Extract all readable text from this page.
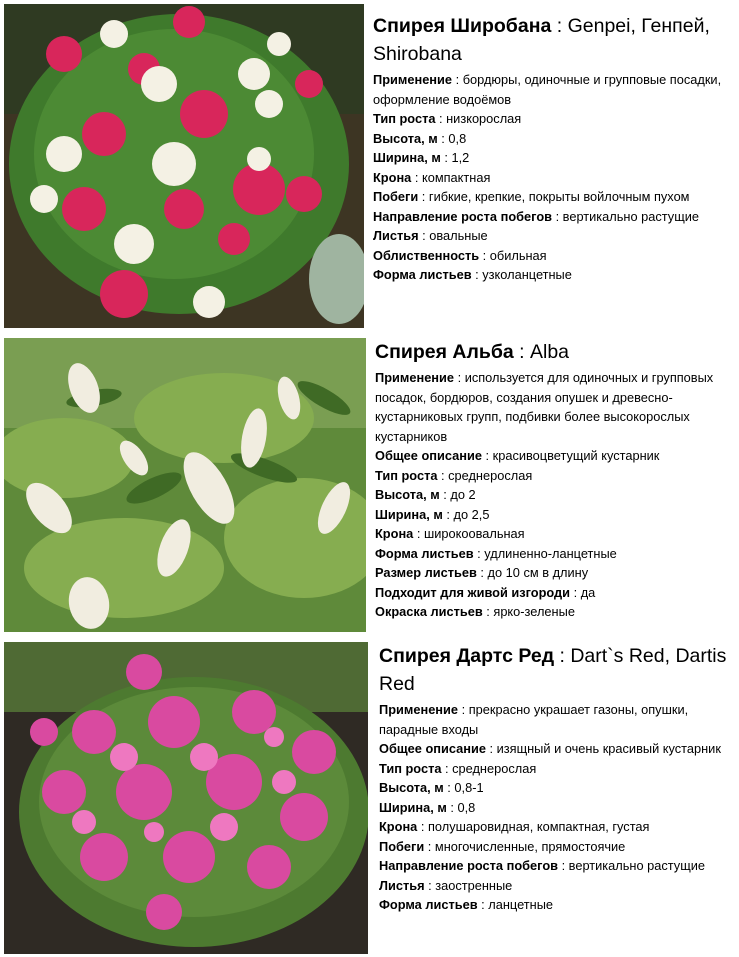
Спирея Широбана : Genpei, Генпей, Shirobana
Применение : бордюры, одиночные и групповые посадки, оформление водоёмов
Тип роста : низкорослая
Высота, м : 0,8
Ширина, м : 1,2
Крона : компактная
Побеги : гибкие, крепкие, покрыты войлочным пухом
Направление роста побегов : вертикально растущие
Листья : овальные
Облиственность : обильная
Форма листьев : узколанцетные
Спирея Альба : Alba
Применение : используется для одиночных и групповых посадок, бордюров, создания опушек и древесно-кустарниковых групп, подбивки более высокорослых кустарников
Общее описание : красивоцветущий кустарник
Тип роста : среднерослая
Высота, м : до 2
Ширина, м : до 2,5
Крона : широкоовальная
Форма листьев : удлиненно-ланцетные
Размер листьев : до 10 см в длину
Подходит для живой изгороди : да
Окраска листьев : ярко-зеленые
Спирея Дартс Ред : Dart`s Red, Dartis Red
Применение : прекрасно украшает газоны, опушки, парадные входы
Общее описание : изящный и очень красивый кустарник
Тип роста : среднерослая
Высота, м : 0,8-1
Ширина, м : 0,8
Крона : полушаровидная, компактная, густая
Побеги : многочисленные, прямостоячие
Направление роста побегов : вертикально растущие
Листья : заостренные
Форма листьев : ланцетные
